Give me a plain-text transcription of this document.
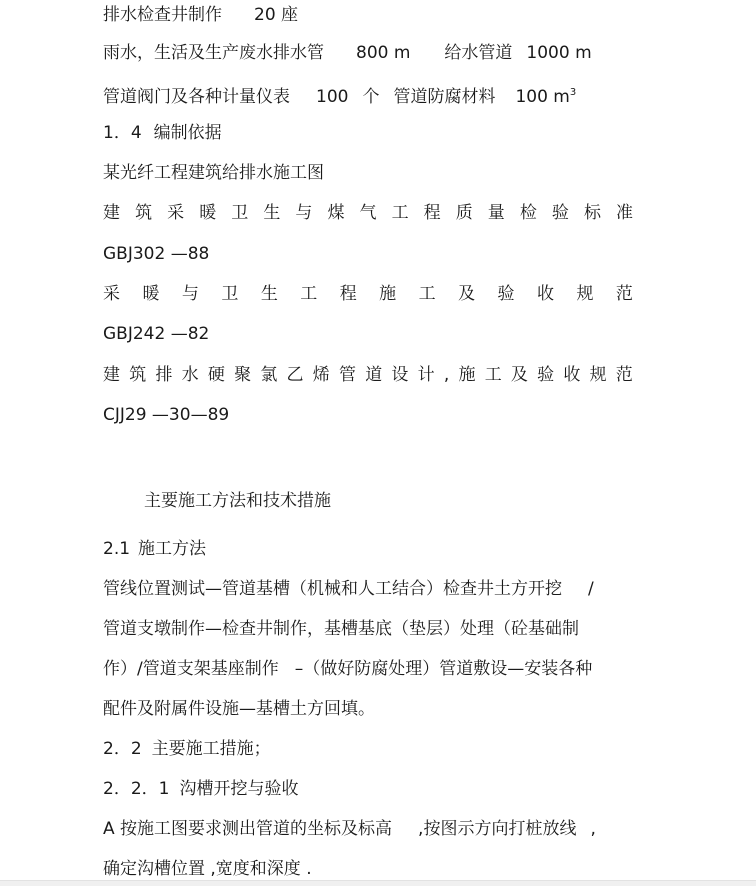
排水检查井制作 20 座

雨水，生活及生产废水排水管 800 m 给水管道 1000 m

管道阀门及各种计量仪表 100 个 管道防腐材料 100 $m^3$

1．4 编制依据

某光纤工程建筑给排水施工图

建 筑 采 暖 卫 生 与 煤 气 工 程 质 量 检 验 标 准

GBJ302 —88

采 暖 与 卫 生 工 程 施 工 及 验 收 规 范

GBJ242 —82

建 筑 排 水 硬 聚 氯 乙 烯 管 道 设 计 , 施 工 及 验 收 规 范

CJJ29 —30—89

主要施工方法和技术措施

2.1 施工方法

管线位置测试—管道基槽（机械和人工结合）检查井土方开挖 /

管道支墩制作—检查井制作，基槽基底（垫层）处理（砼基础制

作）/管道支架基座制作 –（做好防腐处理）管道敷设—安装各种

配件及附属件设施—基槽土方回填。

2．2 主要施工措施；

2．2．1 沟槽开挖与验收

A 按施工图要求测出管道的坐标及标高 ,按图示方向打桩放线 ,

确定沟槽位置 ,宽度和深度 .
